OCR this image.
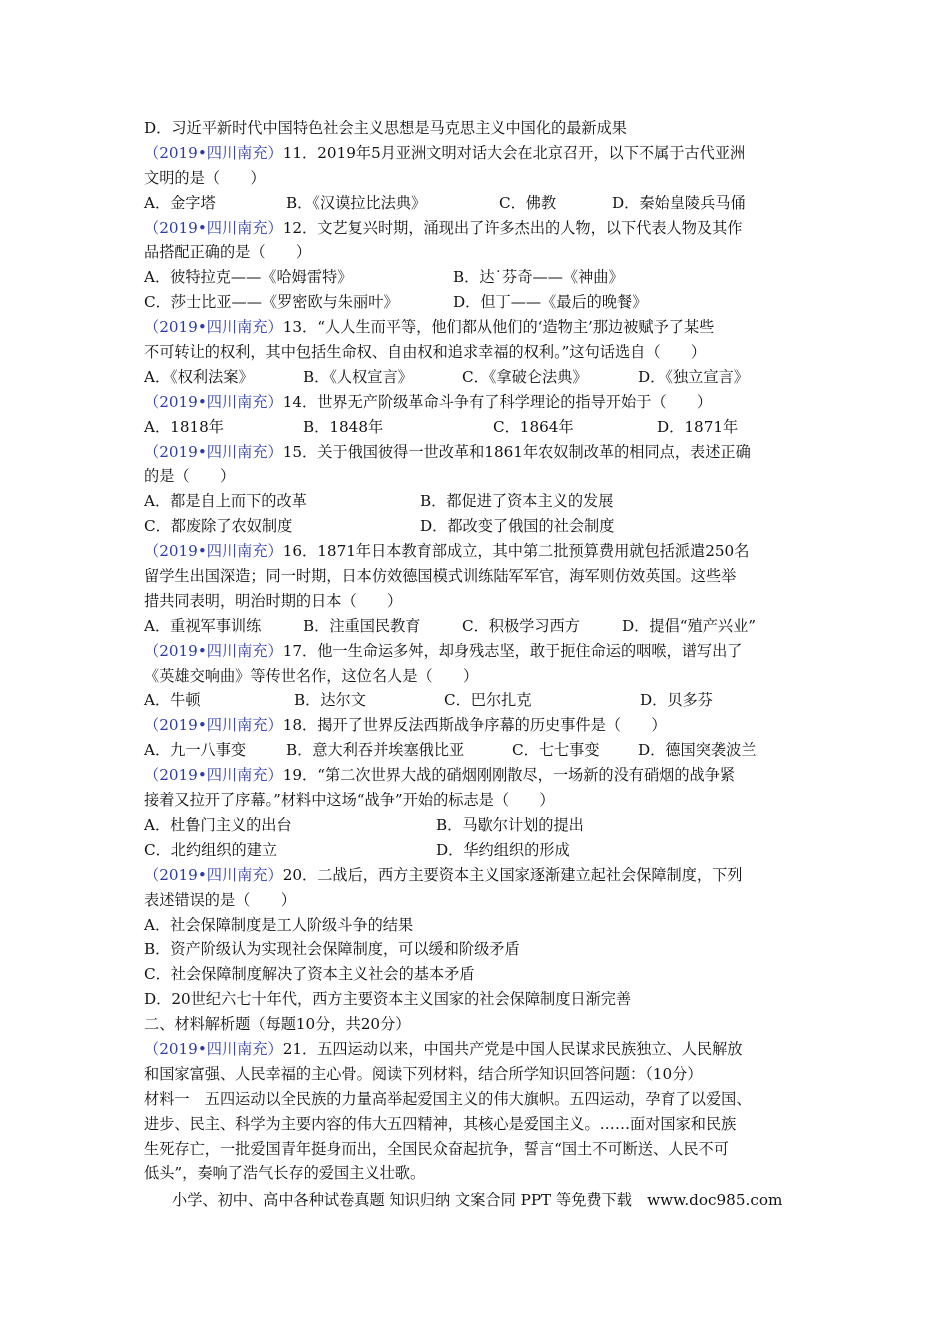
D．习近平新时代中国特色社会主义思想是马克思主义中国化的最新成果
（2019•四川南充）11．2019年5月亚洲文明对话大会在北京召开，以下不属于古代亚洲
文明的是（　　）
A．金字塔	B．《汉谟拉比法典》	C．佛教	D．秦始皇陵兵马俑
（2019•四川南充）12．文艺复兴时期，涌现出了许多杰出的人物，以下代表人物及其作
品搭配正确的是（　　）
A．彼特拉克——《哈姆雷特》	B．达˙芬奇——《神曲》
C．莎士比亚——《罗密欧与朱丽叶》	D．但丁——《最后的晚餐》
（2019•四川南充）13．“人人生而平等，他们都从他们的‘造物主’那边被赋予了某些
不可转让的权利，其中包括生命权、自由权和追求幸福的权利。”这句话选自（　　）
A．《权利法案》	B．《人权宣言》	C．《拿破仑法典》	D．《独立宣言》
（2019•四川南充）14．世界无产阶级革命斗争有了科学理论的指导开始于（　　）
A．1818年	B．1848年	C．1864年	D．1871年
（2019•四川南充）15．关于俄国彼得一世改革和1861年农奴制改革的相同点，表述正确
的是（　　）
A．都是自上而下的改革	B．都促进了资本主义的发展
C．都废除了农奴制度	D．都改变了俄国的社会制度
（2019•四川南充）16．1871年日本教育部成立，其中第二批预算费用就包括派遣250名
留学生出国深造；同一时期，日本仿效德国模式训练陆军军官，海军则仿效英国。这些举
措共同表明，明治时期的日本（　　）
A．重视军事训练	B．注重国民教育	C．积极学习西方	D．提倡“殖产兴业”
（2019•四川南充）17．他一生命运多舛，却身残志坚，敢于扼住命运的咽喉，谱写出了
《英雄交响曲》等传世名作，这位名人是（　　）
A．牛顿	B．达尔文	C．巴尔扎克	D．贝多芬
（2019•四川南充）18．揭开了世界反法西斯战争序幕的历史事件是（　　）
A．九一八事变	B．意大利吞并埃塞俄比亚	C．七七事变	D．德国突袭波兰
（2019•四川南充）19．“第二次世界大战的硝烟刚刚散尽，一场新的没有硝烟的战争紧
接着又拉开了序幕。”材料中这场“战争”开始的标志是（　　）
A．杜鲁门主义的出台	B．马歇尔计划的提出
C．北约组织的建立	D．华约组织的形成
（2019•四川南充）20．二战后，西方主要资本主义国家逐渐建立起社会保障制度，下列
表述错误的是（　　）
A．社会保障制度是工人阶级斗争的结果
B．资产阶级认为实现社会保障制度，可以缓和阶级矛盾
C．社会保障制度解决了资本主义社会的基本矛盾
D．20世纪六七十年代，西方主要资本主义国家的社会保障制度日渐完善
二、材料解析题（每题10分，共20分）
（2019•四川南充）21．五四运动以来，中国共产党是中国人民谋求民族独立、人民解放
和国家富强、人民幸福的主心骨。阅读下列材料，结合所学知识回答问题：（10分）
材料一　五四运动以全民族的力量高举起爱国主义的伟大旗帜。五四运动，孕育了以爱国、
进步、民主、科学为主要内容的伟大五四精神，其核心是爱国主义。……面对国家和民族
生死存亡，一批爱国青年挺身而出，全国民众奋起抗争，誓言“国土不可断送、人民不可
低头”，奏响了浩气长存的爱国主义壮歌。
小学、初中、高中各种试卷真题 知识归纳 文案合同 PPT 等免费下载　www.doc985.com
